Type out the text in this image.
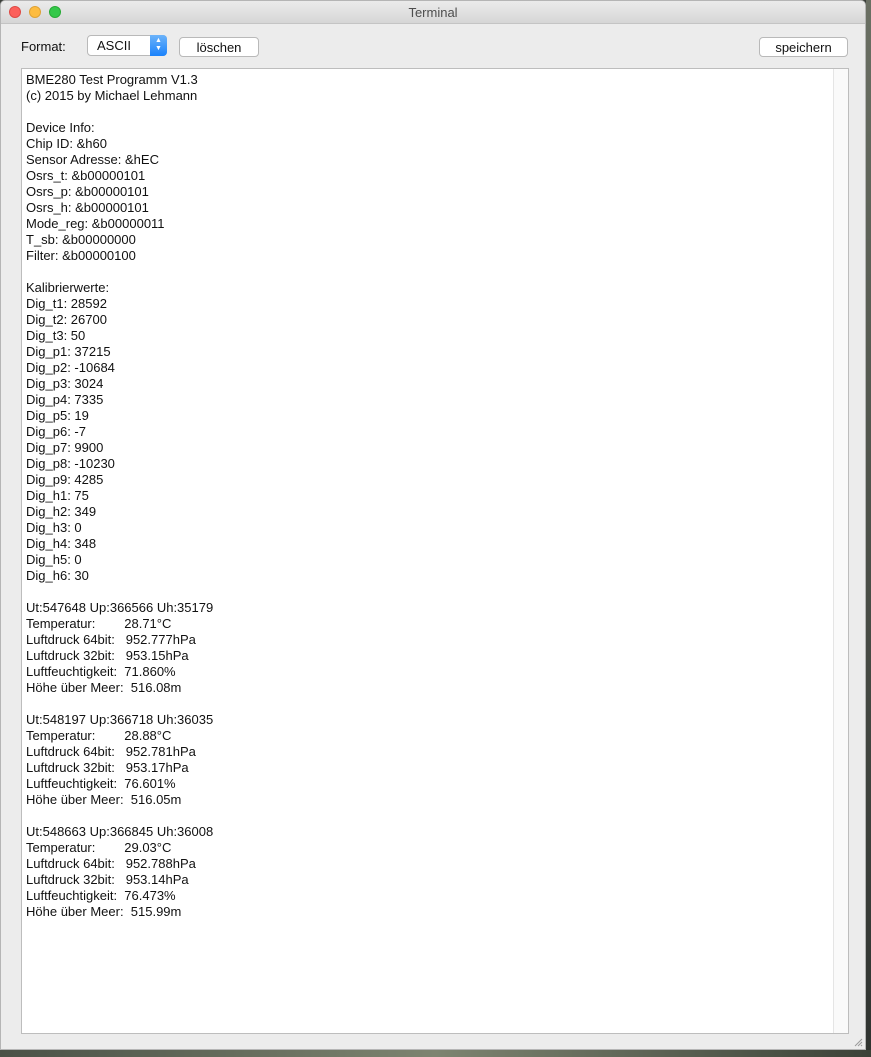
Terminal
Format: ASCII	▲
▼	löschen	speichern
BME280 Test Programm V1.3
(c) 2015 by Michael Lehmann

Device Info:
Chip ID: &h60
Sensor Adresse: &hEC
Osrs_t: &b00000101
Osrs_p: &b00000101
Osrs_h: &b00000101
Mode_reg: &b00000011
T_sb: &b00000000
Filter: &b00000100

Kalibrierwerte:
Dig_t1: 28592
Dig_t2: 26700
Dig_t3: 50
Dig_p1: 37215
Dig_p2: -10684
Dig_p3: 3024
Dig_p4: 7335
Dig_p5: 19
Dig_p6: -7
Dig_p7: 9900
Dig_p8: -10230
Dig_p9: 4285
Dig_h1: 75
Dig_h2: 349
Dig_h3: 0
Dig_h4: 348
Dig_h5: 0
Dig_h6: 30

Ut:547648 Up:366566 Uh:35179
Temperatur:        28.71°C
Luftdruck 64bit:   952.777hPa
Luftdruck 32bit:   953.15hPa
Luftfeuchtigkeit:  71.860%
Höhe über Meer:  516.08m

Ut:548197 Up:366718 Uh:36035
Temperatur:        28.88°C
Luftdruck 64bit:   952.781hPa
Luftdruck 32bit:   953.17hPa
Luftfeuchtigkeit:  76.601%
Höhe über Meer:  516.05m

Ut:548663 Up:366845 Uh:36008
Temperatur:        29.03°C
Luftdruck 64bit:   952.788hPa
Luftdruck 32bit:   953.14hPa
Luftfeuchtigkeit:  76.473%
Höhe über Meer:  515.99m
